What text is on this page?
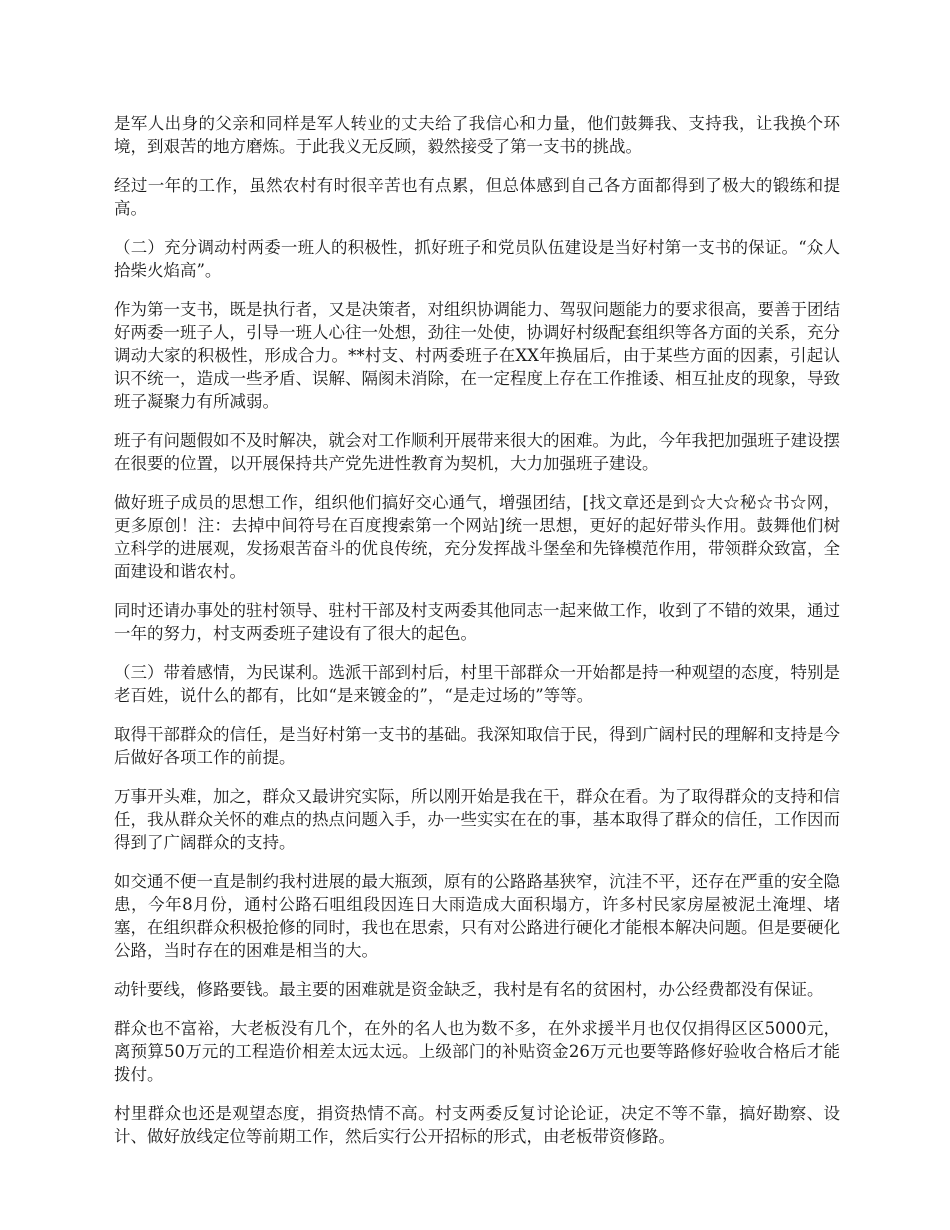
是军人出身的父亲和同样是军人转业的丈夫给了我信心和力量，他们鼓舞我、支持我，让我换个环境，到艰苦的地方磨炼。于此我义无反顾，毅然接受了第一支书的挑战。

经过一年的工作，虽然农村有时很辛苦也有点累，但总体感到自己各方面都得到了极大的锻练和提高。

（二）充分调动村两委一班人的积极性，抓好班子和党员队伍建设是当好村第一支书的保证。“众人拾柴火焰高”。

作为第一支书，既是执行者，又是决策者，对组织协调能力、驾驭问题能力的要求很高，要善于团结好两委一班子人，引导一班人心往一处想，劲往一处使，协调好村级配套组织等各方面的关系，充分调动大家的积极性，形成合力。**村支、村两委班子在XX年换届后，由于某些方面的因素，引起认识不统一，造成一些矛盾、误解、隔阂未消除，在一定程度上存在工作推诿、相互扯皮的现象，导致班子凝聚力有所减弱。

班子有问题假如不及时解决，就会对工作顺利开展带来很大的困难。为此，今年我把加强班子建设摆在很要的位置，以开展保持共产党先进性教育为契机，大力加强班子建设。

做好班子成员的思想工作，组织他们搞好交心通气，增强团结，[找文章还是到☆大☆秘☆书☆网，更多原创！注：去掉中间符号在百度搜索第一个网站]统一思想，更好的起好带头作用。鼓舞他们树立科学的进展观，发扬艰苦奋斗的优良传统，充分发挥战斗堡垒和先锋模范作用，带领群众致富，全面建设和谐农村。

同时还请办事处的驻村领导、驻村干部及村支两委其他同志一起来做工作，收到了不错的效果，通过一年的努力，村支两委班子建设有了很大的起色。

（三）带着感情，为民谋利。选派干部到村后，村里干部群众一开始都是持一种观望的态度，特别是老百姓，说什么的都有，比如“是来镀金的”，“是走过场的”等等。

取得干部群众的信任，是当好村第一支书的基础。我深知取信于民，得到广阔村民的理解和支持是今后做好各项工作的前提。

万事开头难，加之，群众又最讲究实际，所以刚开始是我在干，群众在看。为了取得群众的支持和信任，我从群众关怀的难点的热点问题入手，办一些实实在在的事，基本取得了群众的信任，工作因而得到了广阔群众的支持。

如交通不便一直是制约我村进展的最大瓶颈，原有的公路路基狭窄，沆洼不平，还存在严重的安全隐患，今年8月份，通村公路石咀组段因连日大雨造成大面积塌方，许多村民家房屋被泥土淹埋、堵塞，在组织群众积极抢修的同时，我也在思索，只有对公路进行硬化才能根本解决问题。但是要硬化公路，当时存在的困难是相当的大。

动针要线，修路要钱。最主要的困难就是资金缺乏，我村是有名的贫困村，办公经费都没有保证。

群众也不富裕，大老板没有几个，在外的名人也为数不多，在外求援半月也仅仅捐得区区5000元，离预算50万元的工程造价相差太远太远。上级部门的补贴资金26万元也要等路修好验收合格后才能拨付。

村里群众也还是观望态度，捐资热情不高。村支两委反复讨论论证，决定不等不靠，搞好勘察、设计、做好放线定位等前期工作，然后实行公开招标的形式，由老板带资修路。
